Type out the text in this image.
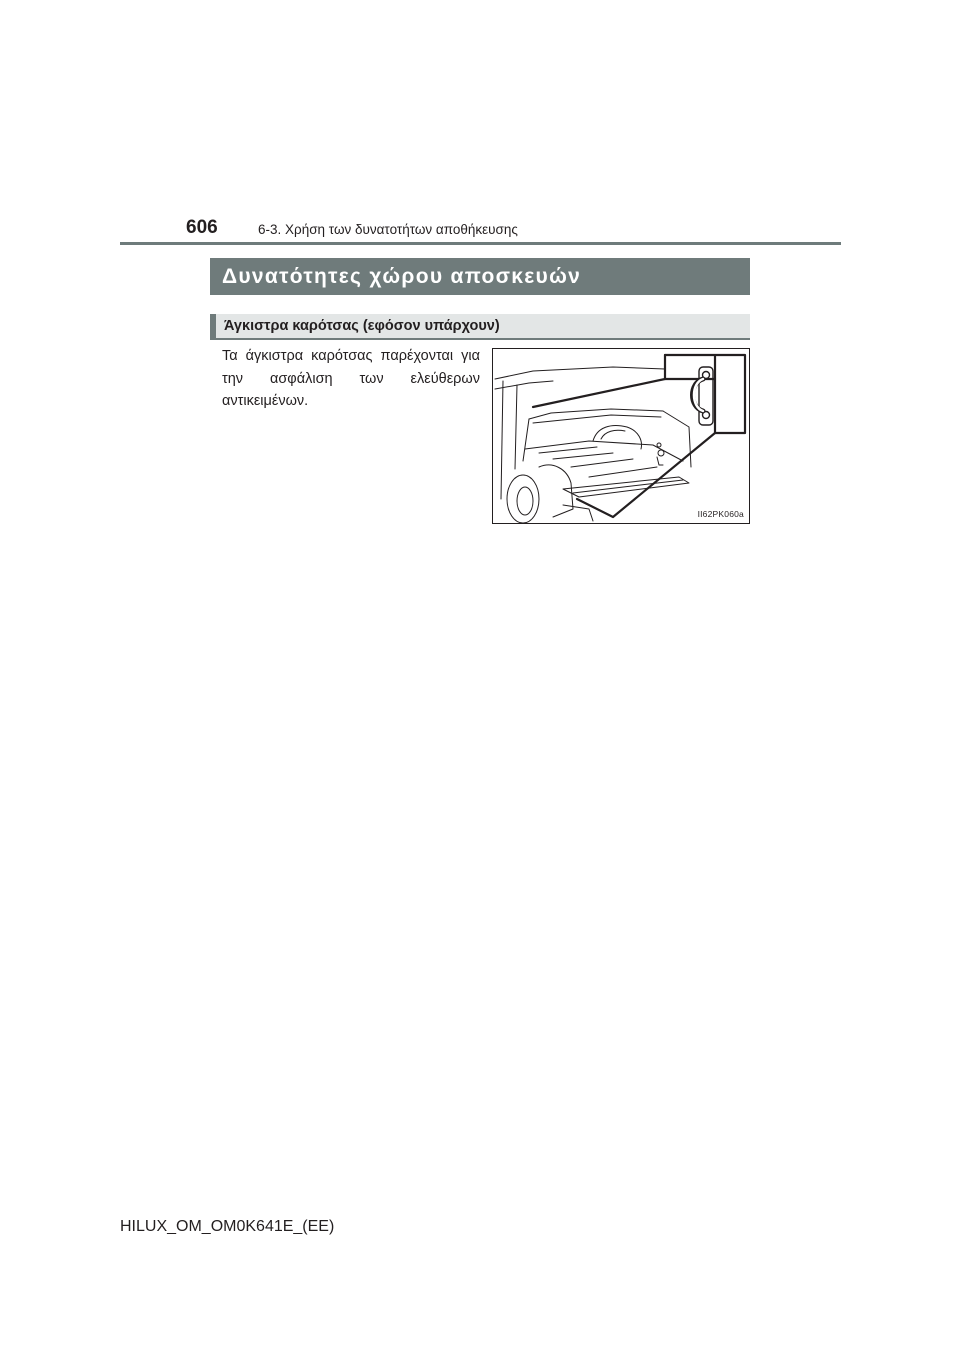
606	6-3. Χρήση των δυνατοτήτων αποθήκευσης
Δυνατότητες χώρου αποσκευών
Άγκιστρα καρότσας (εφόσον υπάρχουν)
Τα άγκιστρα καρότσας παρέχονται για την ασφάλιση των ελεύθερων αντικειμένων.
II62PK060a
HILUX_OM_OM0K641E_(EE)
